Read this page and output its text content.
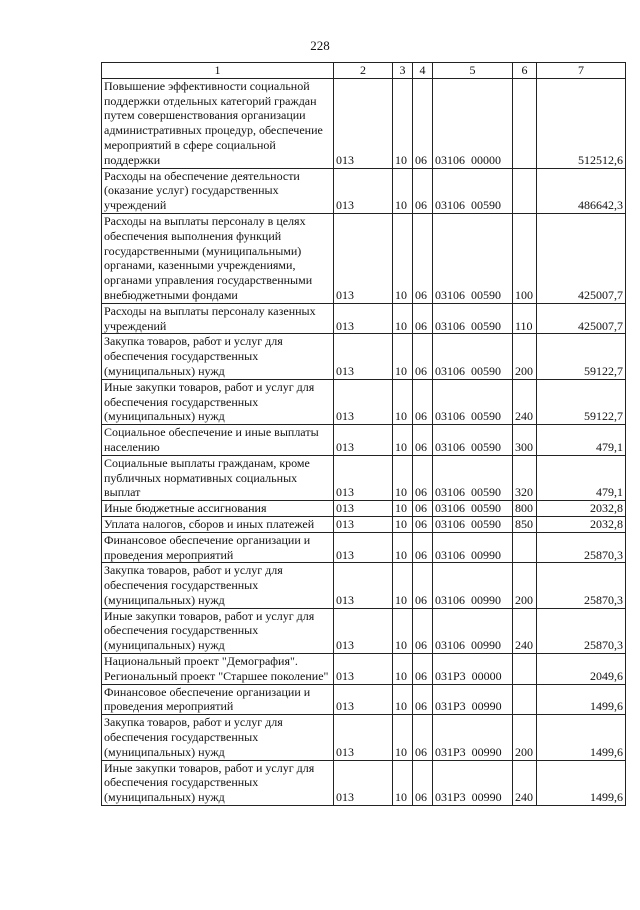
228
1	2	3	4	5	6	7
Повышение эффективности социальной поддержки отдельных категорий граждан путем совершенствования организации административных процедур, обеспечение мероприятий в сфере социальной поддержки	013	10	06	03106  00000		512512,6
Расходы на обеспечение деятельности (оказание услуг) государственных учреждений	013	10	06	03106  00590		486642,3
Расходы на выплаты персоналу в целях обеспечения выполнения функций государственными (муниципальными) органами, казенными учреждениями, органами управления государственными внебюджетными фондами	013	10	06	03106  00590	100	425007,7
Расходы на выплаты персоналу казенных учреждений	013	10	06	03106  00590	110	425007,7
Закупка товаров, работ и услуг для обеспечения государственных (муниципальных) нужд	013	10	06	03106  00590	200	59122,7
Иные закупки товаров, работ и услуг для обеспечения государственных (муниципальных) нужд	013	10	06	03106  00590	240	59122,7
Социальное обеспечение и иные выплаты населению	013	10	06	03106  00590	300	479,1
Социальные выплаты гражданам, кроме публичных нормативных социальных выплат	013	10	06	03106  00590	320	479,1
Иные бюджетные ассигнования	013	10	06	03106  00590	800	2032,8
Уплата налогов, сборов и иных платежей	013	10	06	03106  00590	850	2032,8
Финансовое обеспечение организации и проведения мероприятий	013	10	06	03106  00990		25870,3
Закупка товаров, работ и услуг для обеспечения государственных (муниципальных) нужд	013	10	06	03106  00990	200	25870,3
Иные закупки товаров, работ и услуг для обеспечения государственных (муниципальных) нужд	013	10	06	03106  00990	240	25870,3
Национальный проект "Демография". Региональный проект "Старшее поколение"	013	10	06	031P3  00000		2049,6
Финансовое обеспечение организации и проведения мероприятий	013	10	06	031P3  00990		1499,6
Закупка товаров, работ и услуг для обеспечения государственных (муниципальных) нужд	013	10	06	031P3  00990	200	1499,6
Иные закупки товаров, работ и услуг для обеспечения государственных (муниципальных) нужд	013	10	06	031P3  00990	240	1499,6
